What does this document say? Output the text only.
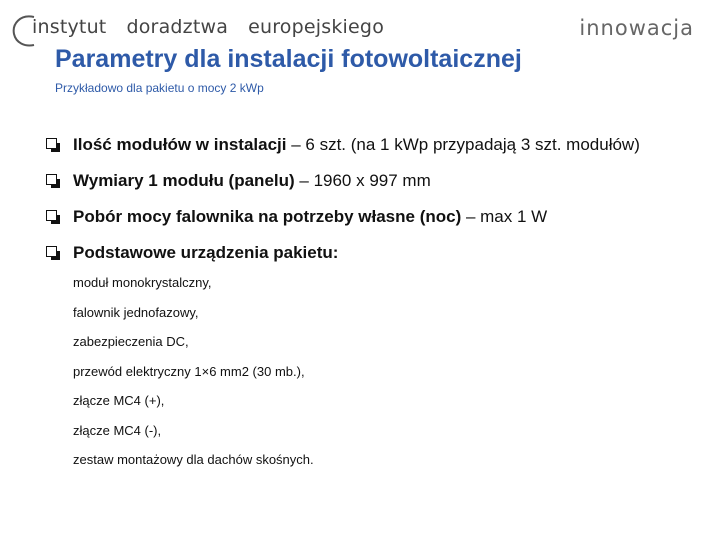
instytut doradztwa europejskiego	innowacja
Parametry dla instalacji fotowoltaicznej

Przykładowo dla pakietu o mocy 2 kWp

Ilość modułów w instalacji – 6 szt. (na 1 kWp przypadają 3 szt. modułów)
Wymiary 1 modułu (panelu) – 1960 x 997 mm
Pobór mocy falownika na potrzeby własne (noc) – max 1 W
Podstawowe urządzenia pakietu:
moduł monokrystalczny,
falownik jednofazowy,
zabezpieczenia DC,
przewód elektryczny 1×6 mm2 (30 mb.),
złącze MC4 (+),
złącze MC4 (-),
zestaw montażowy dla dachów skośnych.
